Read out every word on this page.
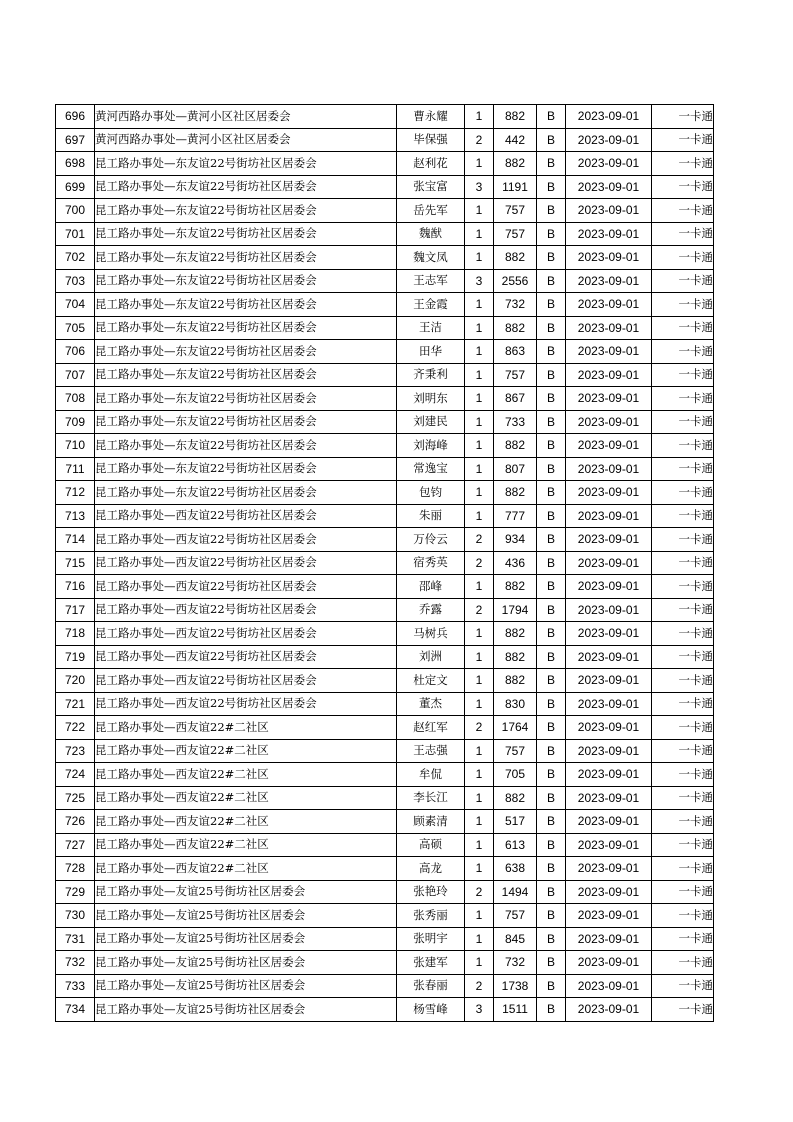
696	黄河西路办事处—黄河小区社区居委会	曹永耀	1	882	B	2023-09-01	一卡通
697	黄河西路办事处—黄河小区社区居委会	毕保强	2	442	B	2023-09-01	一卡通
698	昆工路办事处—东友谊22号街坊社区居委会	赵利花	1	882	B	2023-09-01	一卡通
699	昆工路办事处—东友谊22号街坊社区居委会	张宝富	3	1191	B	2023-09-01	一卡通
700	昆工路办事处—东友谊22号街坊社区居委会	岳先军	1	757	B	2023-09-01	一卡通
701	昆工路办事处—东友谊22号街坊社区居委会	魏猷	1	757	B	2023-09-01	一卡通
702	昆工路办事处—东友谊22号街坊社区居委会	魏文凤	1	882	B	2023-09-01	一卡通
703	昆工路办事处—东友谊22号街坊社区居委会	王志军	3	2556	B	2023-09-01	一卡通
704	昆工路办事处—东友谊22号街坊社区居委会	王金霞	1	732	B	2023-09-01	一卡通
705	昆工路办事处—东友谊22号街坊社区居委会	王洁	1	882	B	2023-09-01	一卡通
706	昆工路办事处—东友谊22号街坊社区居委会	田华	1	863	B	2023-09-01	一卡通
707	昆工路办事处—东友谊22号街坊社区居委会	齐秉利	1	757	B	2023-09-01	一卡通
708	昆工路办事处—东友谊22号街坊社区居委会	刘明东	1	867	B	2023-09-01	一卡通
709	昆工路办事处—东友谊22号街坊社区居委会	刘建民	1	733	B	2023-09-01	一卡通
710	昆工路办事处—东友谊22号街坊社区居委会	刘海峰	1	882	B	2023-09-01	一卡通
711	昆工路办事处—东友谊22号街坊社区居委会	常逸宝	1	807	B	2023-09-01	一卡通
712	昆工路办事处—东友谊22号街坊社区居委会	包钧	1	882	B	2023-09-01	一卡通
713	昆工路办事处—西友谊22号街坊社区居委会	朱丽	1	777	B	2023-09-01	一卡通
714	昆工路办事处—西友谊22号街坊社区居委会	万伶云	2	934	B	2023-09-01	一卡通
715	昆工路办事处—西友谊22号街坊社区居委会	宿秀英	2	436	B	2023-09-01	一卡通
716	昆工路办事处—西友谊22号街坊社区居委会	邵峰	1	882	B	2023-09-01	一卡通
717	昆工路办事处—西友谊22号街坊社区居委会	乔露	2	1794	B	2023-09-01	一卡通
718	昆工路办事处—西友谊22号街坊社区居委会	马树兵	1	882	B	2023-09-01	一卡通
719	昆工路办事处—西友谊22号街坊社区居委会	刘洲	1	882	B	2023-09-01	一卡通
720	昆工路办事处—西友谊22号街坊社区居委会	杜定文	1	882	B	2023-09-01	一卡通
721	昆工路办事处—西友谊22号街坊社区居委会	董杰	1	830	B	2023-09-01	一卡通
722	昆工路办事处—西友谊22#二社区	赵红军	2	1764	B	2023-09-01	一卡通
723	昆工路办事处—西友谊22#二社区	王志强	1	757	B	2023-09-01	一卡通
724	昆工路办事处—西友谊22#二社区	牟侃	1	705	B	2023-09-01	一卡通
725	昆工路办事处—西友谊22#二社区	李长江	1	882	B	2023-09-01	一卡通
726	昆工路办事处—西友谊22#二社区	顾素清	1	517	B	2023-09-01	一卡通
727	昆工路办事处—西友谊22#二社区	高硕	1	613	B	2023-09-01	一卡通
728	昆工路办事处—西友谊22#二社区	高龙	1	638	B	2023-09-01	一卡通
729	昆工路办事处—友谊25号街坊社区居委会	张艳玲	2	1494	B	2023-09-01	一卡通
730	昆工路办事处—友谊25号街坊社区居委会	张秀丽	1	757	B	2023-09-01	一卡通
731	昆工路办事处—友谊25号街坊社区居委会	张明宇	1	845	B	2023-09-01	一卡通
732	昆工路办事处—友谊25号街坊社区居委会	张建军	1	732	B	2023-09-01	一卡通
733	昆工路办事处—友谊25号街坊社区居委会	张春丽	2	1738	B	2023-09-01	一卡通
734	昆工路办事处—友谊25号街坊社区居委会	杨雪峰	3	1511	B	2023-09-01	一卡通
